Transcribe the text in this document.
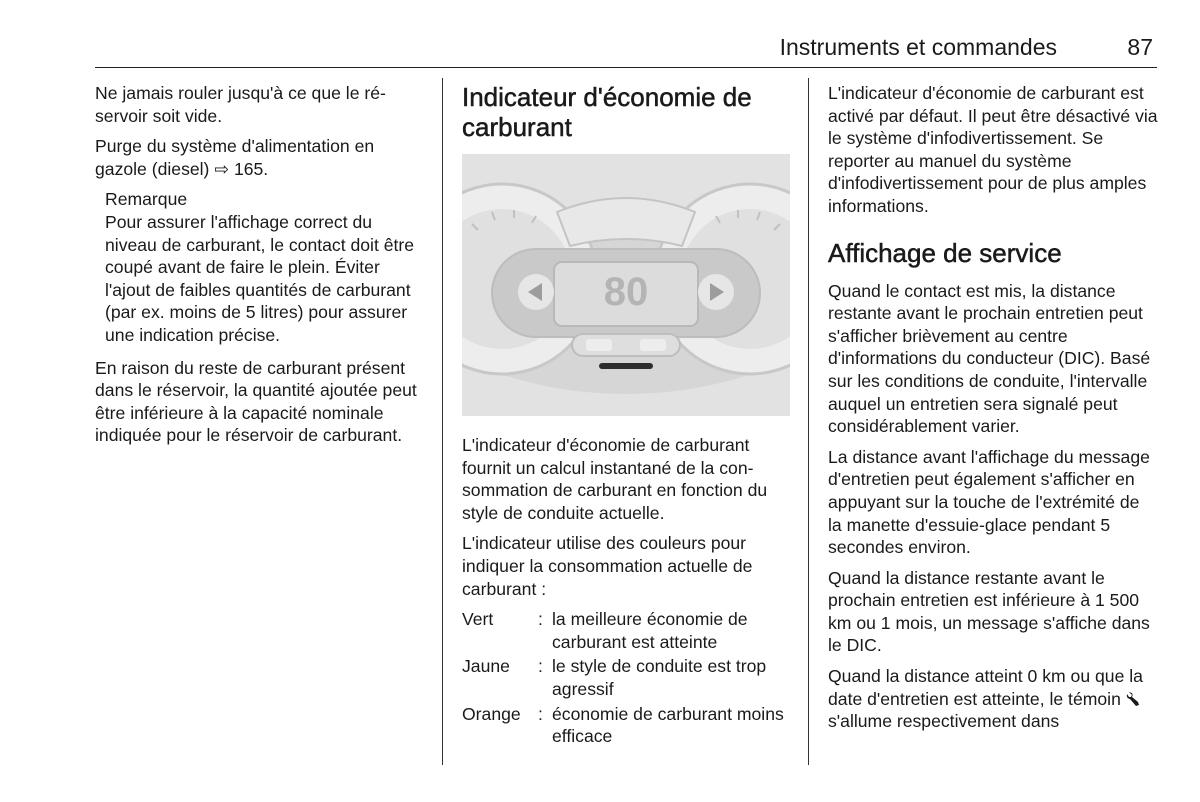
Instruments et commandes	87

Ne jamais rouler jusqu'à ce que le réservoir soit vide.

Purge du système d'alimentation en gazole (diesel) ⇨ 165.

Remarque
Pour assurer l'affichage correct du niveau de carburant, le contact doit être coupé avant de faire le plein. Éviter l'ajout de faibles quantités de carburant (par ex. moins de 5 litres) pour assurer une indication précise.

En raison du reste de carburant présent dans le réservoir, la quantité ajoutée peut être inférieure à la capacité nominale indiquée pour le réservoir de carburant.

Indicateur d'économie de carburant
80

L'indicateur d'économie de carburant fournit un calcul instantané de la consommation de carburant en fonction du style de conduite actuelle.

L'indicateur utilise des couleurs pour indiquer la consommation actuelle de carburant :

Vert	: la meilleure économie de carburant est atteinte
Jaune	: le style de conduite est trop agressif
Orange : économie de carburant moins efficace

L'indicateur d'économie de carburant est activé par défaut. Il peut être désactivé via le système d'infodivertissement. Se reporter au manuel du système d'infodivertissement pour de plus amples informations.

Affichage de service

Quand le contact est mis, la distance restante avant le prochain entretien peut s'afficher brièvement au centre d'informations du conducteur (DIC). Basé sur les conditions de conduite, l'intervalle auquel un entretien sera signalé peut considérablement varier.

La distance avant l'affichage du message d'entretien peut également s'afficher en appuyant sur la touche de l'extrémité de la manette d'essuie-glace pendant 5 secondes environ.

Quand la distance restante avant le prochain entretien est inférieure à 1 500 km ou 1 mois, un message s'affiche dans le DIC.

Quand la distance atteint 0 km ou que la date d'entretien est atteinte, le témoin  s'allume respectivement dans
